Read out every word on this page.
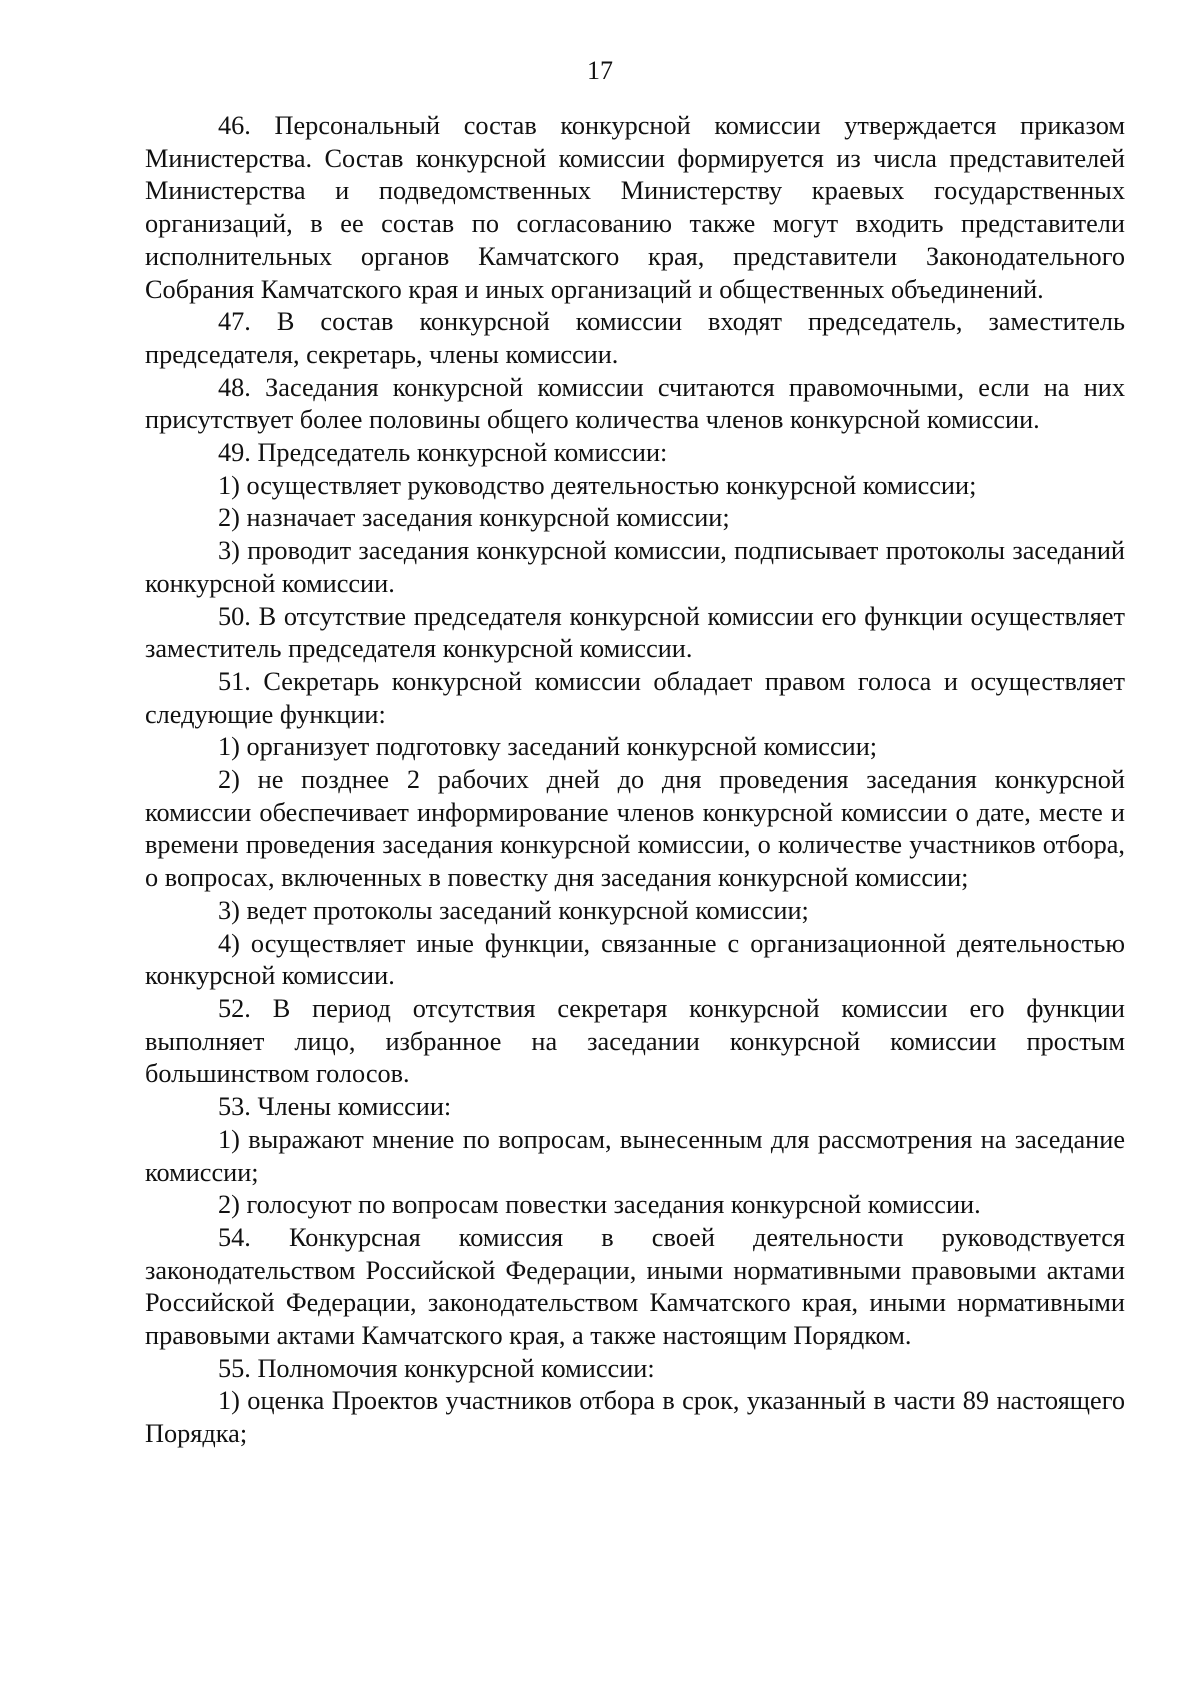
17

46. Персональный состав конкурсной комиссии утверждается приказом Министерства. Состав конкурсной комиссии формируется из числа представителей Министерства и подведомственных Министерству краевых государственных организаций, в ее состав по согласованию также могут входить представители исполнительных органов Камчатского края, представители Законодательного Собрания Камчатского края и иных организаций и общественных объединений.

47. В состав конкурсной комиссии входят председатель, заместитель председателя, секретарь, члены комиссии.

48. Заседания конкурсной комиссии считаются правомочными, если на них присутствует более половины общего количества членов конкурсной комиссии.

49. Председатель конкурсной комиссии:

1) осуществляет руководство деятельностью конкурсной комиссии;

2) назначает заседания конкурсной комиссии;

3) проводит заседания конкурсной комиссии, подписывает протоколы заседаний конкурсной комиссии.

50. В отсутствие председателя конкурсной комиссии его функции осуществляет заместитель председателя конкурсной комиссии.

51. Секретарь конкурсной комиссии обладает правом голоса и осуществляет следующие функции:

1) организует подготовку заседаний конкурсной комиссии;

2) не позднее 2 рабочих дней до дня проведения заседания конкурсной комиссии обеспечивает информирование членов конкурсной комиссии о дате, месте и времени проведения заседания конкурсной комиссии, о количестве участников отбора, о вопросах, включенных в повестку дня заседания конкурсной комиссии;

3) ведет протоколы заседаний конкурсной комиссии;

4) осуществляет иные функции, связанные с организационной деятельностью конкурсной комиссии.

52. В период отсутствия секретаря конкурсной комиссии его функции выполняет лицо, избранное на заседании конкурсной комиссии простым большинством голосов.

53. Члены комиссии:

1) выражают мнение по вопросам, вынесенным для рассмотрения на заседание комиссии;

2) голосуют по вопросам повестки заседания конкурсной комиссии.

54. Конкурсная комиссия в своей деятельности руководствуется законодательством Российской Федерации, иными нормативными правовыми актами Российской Федерации, законодательством Камчатского края, иными нормативными правовыми актами Камчатского края, а также настоящим Порядком.

55. Полномочия конкурсной комиссии:

1) оценка Проектов участников отбора в срок, указанный в части 89 настоящего Порядка;
